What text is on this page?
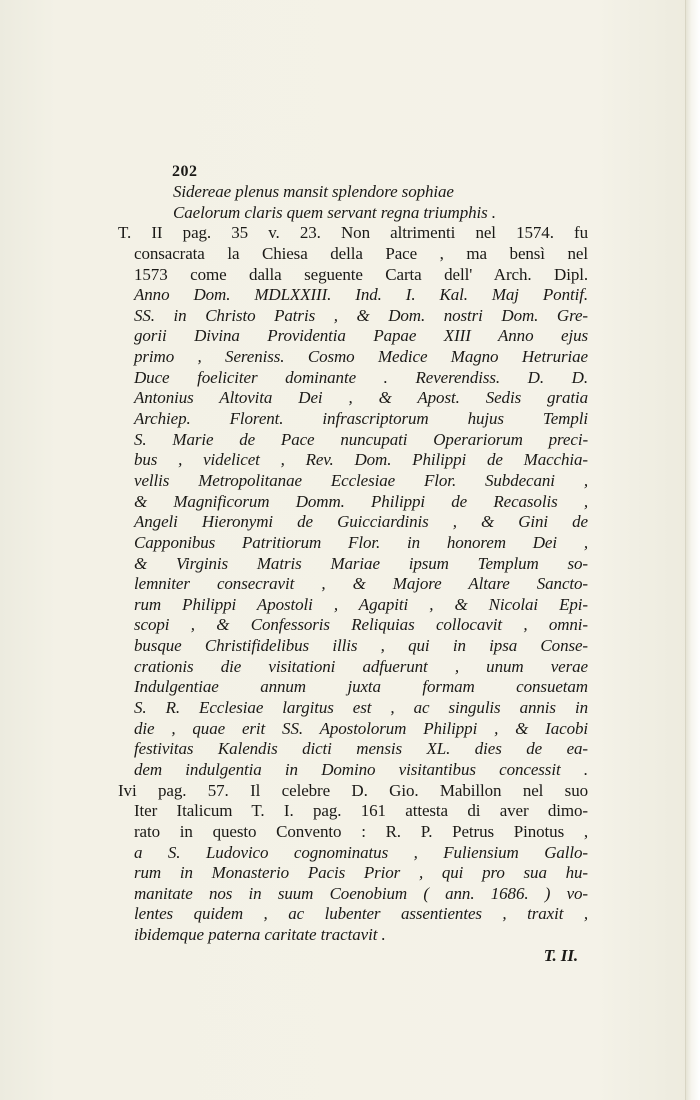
202
Sidereae plenus mansit splendore sophiae
Caelorum claris quem servant regna triumphis .
T. II pag. 35 v. 23. Non altrimenti nel 1574. fu
consacrata la Chiesa della Pace , ma bensì nel
1573 come dalla seguente Carta dell' Arch. Dipl.
Anno Dom. MDLXXIII. Ind. I. Kal. Maj Pontif.
SS. in Christo Patris , & Dom. nostri Dom. Gre-
gorii Divina Providentia Papae XIII Anno ejus
primo , Sereniss. Cosmo Medice Magno Hetruriae
Duce foeliciter dominante . Reverendiss. D. D.
Antonius Altovita Dei , & Apost. Sedis gratia
Archiep. Florent. infrascriptorum hujus Templi
S. Marie de Pace nuncupati Operariorum preci-
bus , videlicet , Rev. Dom. Philippi de Macchia-
vellis Metropolitanae Ecclesiae Flor. Subdecani ,
& Magnificorum Domm. Philippi de Recasolis ,
Angeli Hieronymi de Guicciardinis , & Gini de
Capponibus Patritiorum Flor. in honorem Dei ,
& Virginis Matris Mariae ipsum Templum so-
lemniter consecravit , & Majore Altare Sancto-
rum Philippi Apostoli , Agapiti , & Nicolai Epi-
scopi , & Confessoris Reliquias collocavit , omni-
busque Christifidelibus illis , qui in ipsa Conse-
crationis die visitationi adfuerunt , unum verae
Indulgentiae annum juxta formam consuetam
S. R. Ecclesiae largitus est , ac singulis annis in
die , quae erit SS. Apostolorum Philippi , & Iacobi
festivitas Kalendis dicti mensis XL. dies de ea-
dem indulgentia in Domino visitantibus concessit .
Ivi pag. 57. Il celebre D. Gio. Mabillon nel suo
Iter Italicum T. I. pag. 161 attesta di aver dimo-
rato in questo Convento : R. P. Petrus Pinotus ,
a S. Ludovico cognominatus , Fuliensium Gallo-
rum in Monasterio Pacis Prior , qui pro sua hu-
manitate nos in suum Coenobium ( ann. 1686. ) vo-
lentes quidem , ac lubenter assentientes , traxit ,
ibidemque paterna caritate tractavit .
T. II.
